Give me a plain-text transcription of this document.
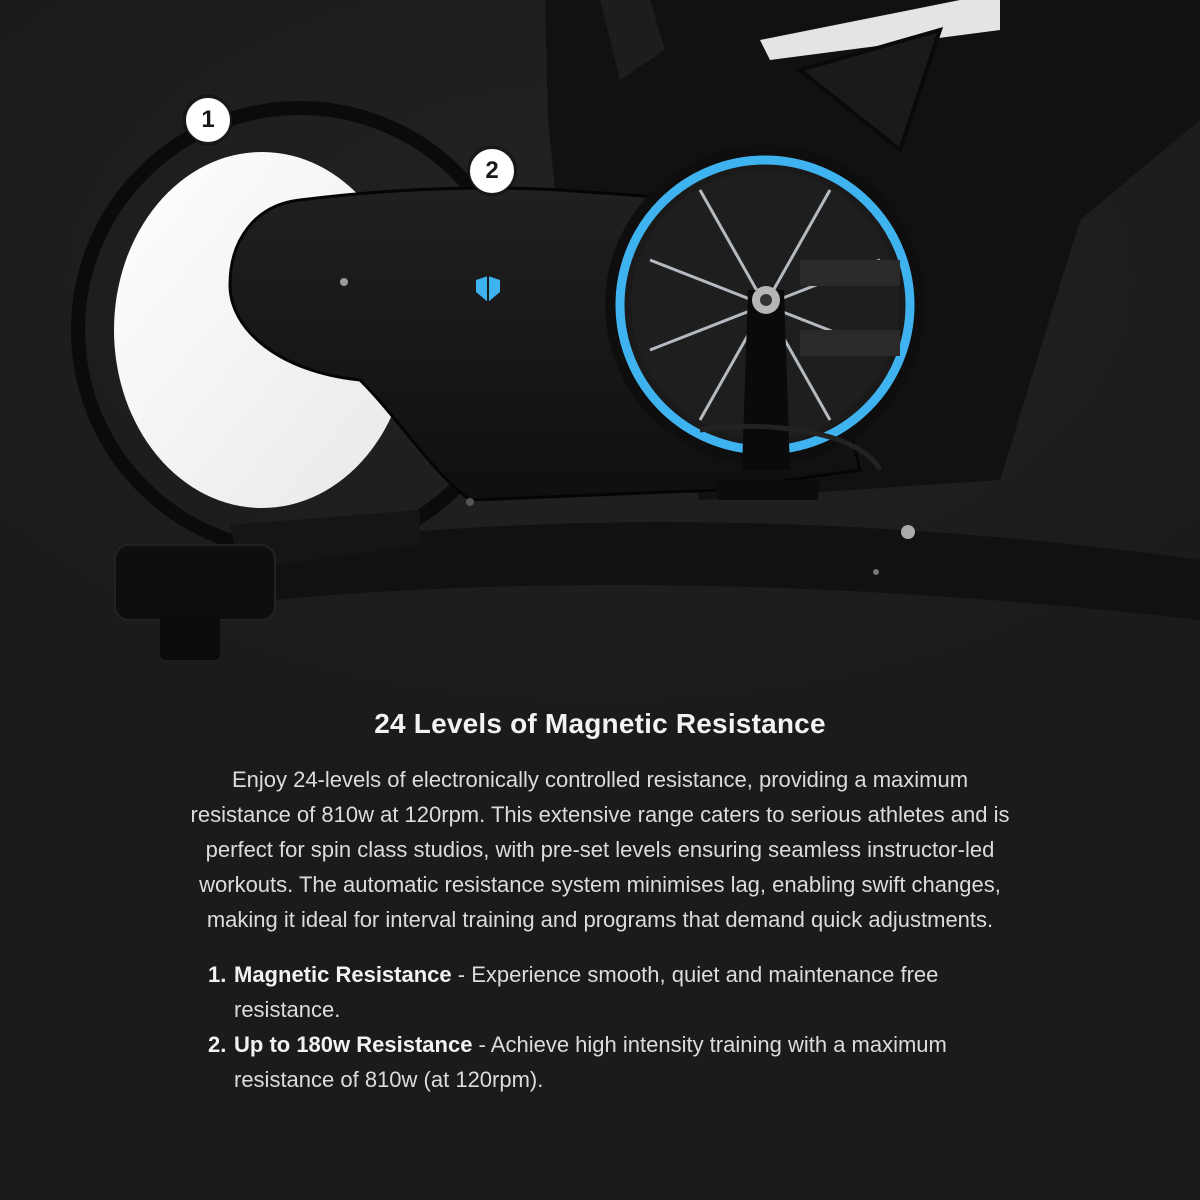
1
2
24 Levels of Magnetic Resistance

Enjoy 24-levels of electronically controlled resistance, providing a maximum resistance of 810w at 120rpm. This extensive range caters to serious athletes and is perfect for spin class studios, with pre-set levels ensuring seamless instructor-led workouts. The automatic resistance system minimises lag, enabling swift changes, making it ideal for interval training and programs that demand quick adjustments.

1. Magnetic Resistance - Experience smooth, quiet and maintenance free resistance.
2. Up to 180w Resistance - Achieve high intensity training with a maximum resistance of 810w (at 120rpm).
